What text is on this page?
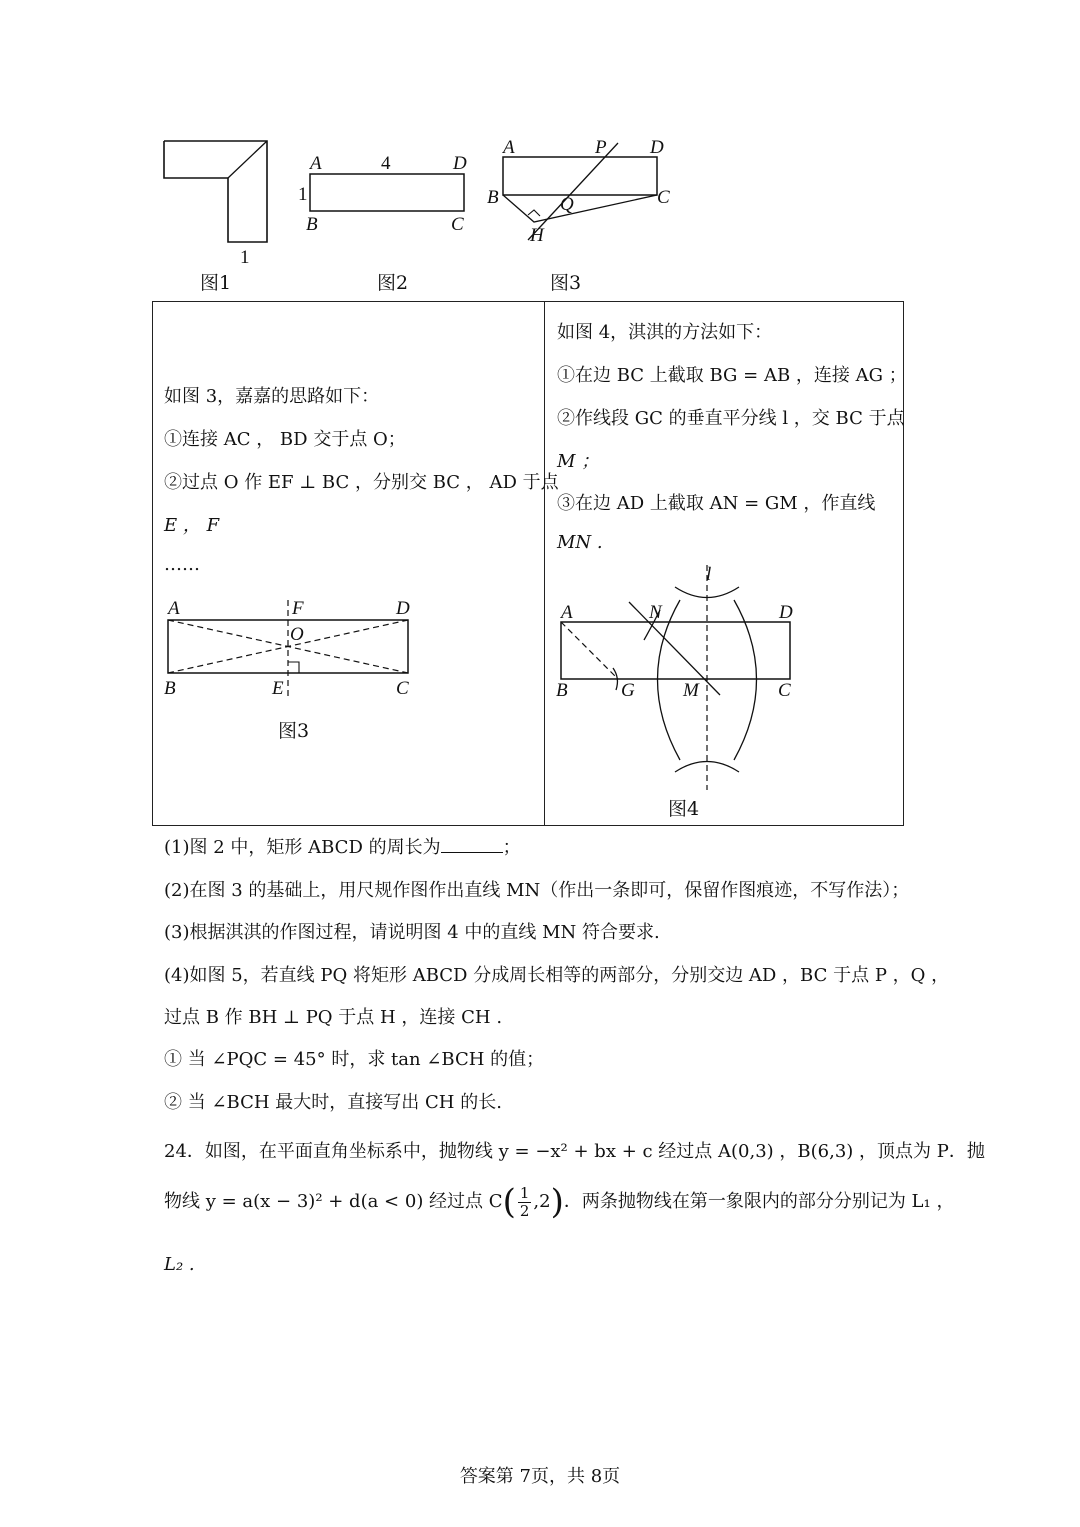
1
图1
A	4	D
1
B	C
图2
A	P D
B	Q	C
H
图3
如图 3，嘉嘉的思路如下：
①连接 AC ， BD 交于点 O；
②过点 O 作 EF ⊥ BC ，分别交 BC ， AD 于点
E ， F
……
A	F	D
O
B	E	C
图3
如图 4，淇淇的方法如下：
①在边 BC 上截取 BG = AB ，连接 AG ；
②作线段 GC 的垂直平分线 l ，交 BC 于点
M ；
③在边 AD 上截取 AN = GM ，作直线
MN .
l
A	N	D
B	G	M	C
图4
(1)图 2 中，矩形 ABCD 的周长为	；
(2)在图 3 的基础上，用尺规作图作出直线 MN（作出一条即可，保留作图痕迹，不写作法）；
(3)根据淇淇的作图过程，请说明图 4 中的直线 MN 符合要求.
(4)如图 5，若直线 PQ 将矩形 ABCD 分成周长相等的两部分，分别交边 AD ，BC 于点 P ，Q ，
过点 B 作 BH ⊥ PQ 于点 H ，连接 CH .
① 当 ∠PQC = 45° 时，求 tan ∠BCH 的值；
② 当 ∠BCH 最大时，直接写出 CH 的长.
24．如图，在平面直角坐标系中，抛物线 y = −x² + bx + c 经过点 A(0,3) ，B(6,3) ，顶点为 P．抛
物线 y = a(x − 3)² + d(a < 0) 经过点 $C( \frac{1}{2} ,2)$．两条抛物线在第一象限内的部分分别记为 L₁ ，
L₂ .
答案第 7页，共 8页
